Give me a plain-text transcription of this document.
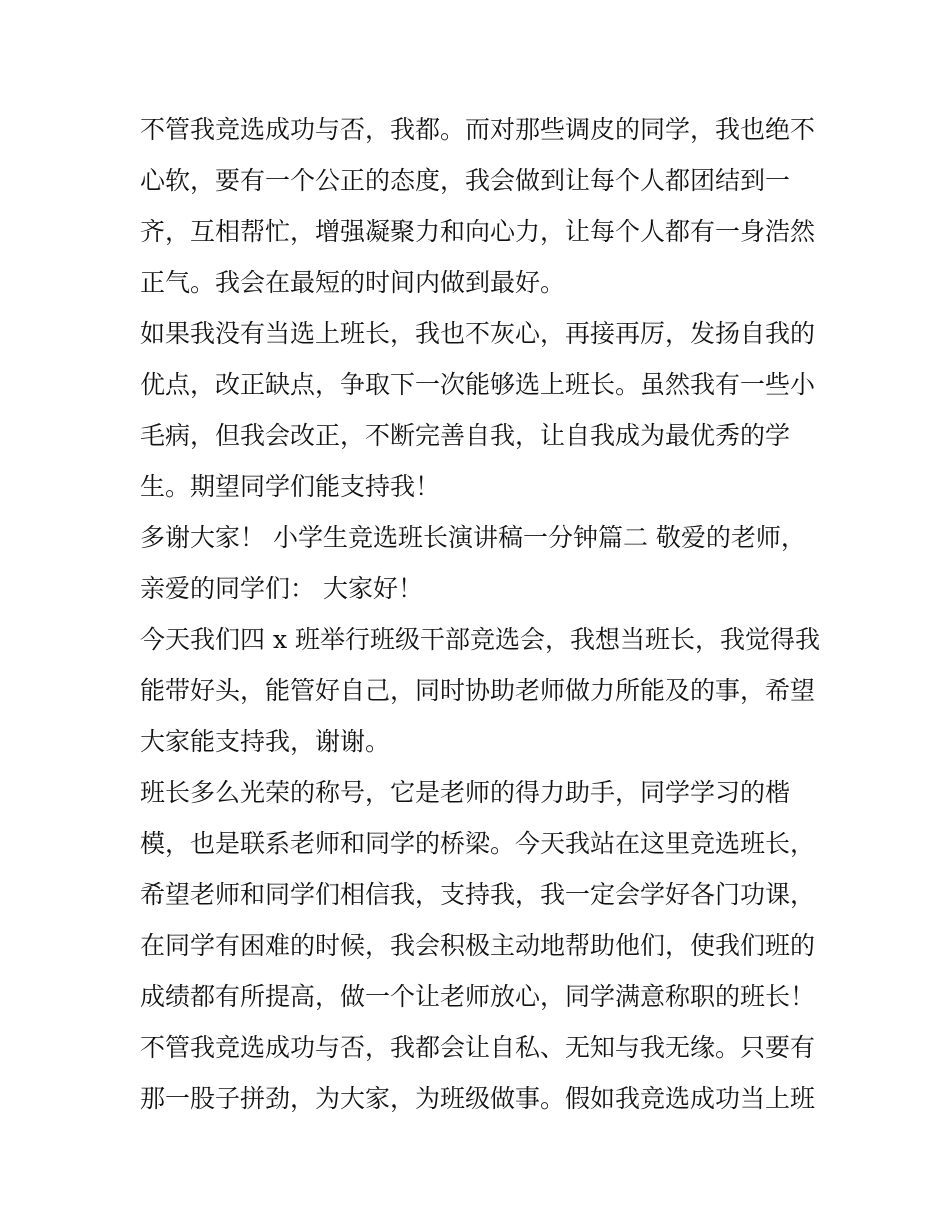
不管我竞选成功与否，我都。而对那些调皮的同学，我也绝不
心软，要有一个公正的态度，我会做到让每个人都团结到一
齐，互相帮忙，增强凝聚力和向心力，让每个人都有一身浩然
正气。我会在最短的时间内做到最好。
如果我没有当选上班长，我也不灰心，再接再厉，发扬自我的
优点，改正缺点，争取下一次能够选上班长。虽然我有一些小
毛病，但我会改正，不断完善自我，让自我成为最优秀的学
生。期望同学们能支持我！
多谢大家！ 小学生竞选班长演讲稿一分钟篇二 敬爱的老师，
亲爱的同学们： 大家好！
今天我们四 x 班举行班级干部竞选会，我想当班长，我觉得我
能带好头，能管好自己，同时协助老师做力所能及的事，希望
大家能支持我，谢谢。
班长多么光荣的称号，它是老师的得力助手，同学学习的楷
模，也是联系老师和同学的桥梁。今天我站在这里竞选班长，
希望老师和同学们相信我，支持我，我一定会学好各门功课，
在同学有困难的时候，我会积极主动地帮助他们，使我们班的
成绩都有所提高，做一个让老师放心，同学满意称职的班长！
不管我竞选成功与否，我都会让自私、无知与我无缘。只要有
那一股子拼劲，为大家，为班级做事。假如我竞选成功当上班
